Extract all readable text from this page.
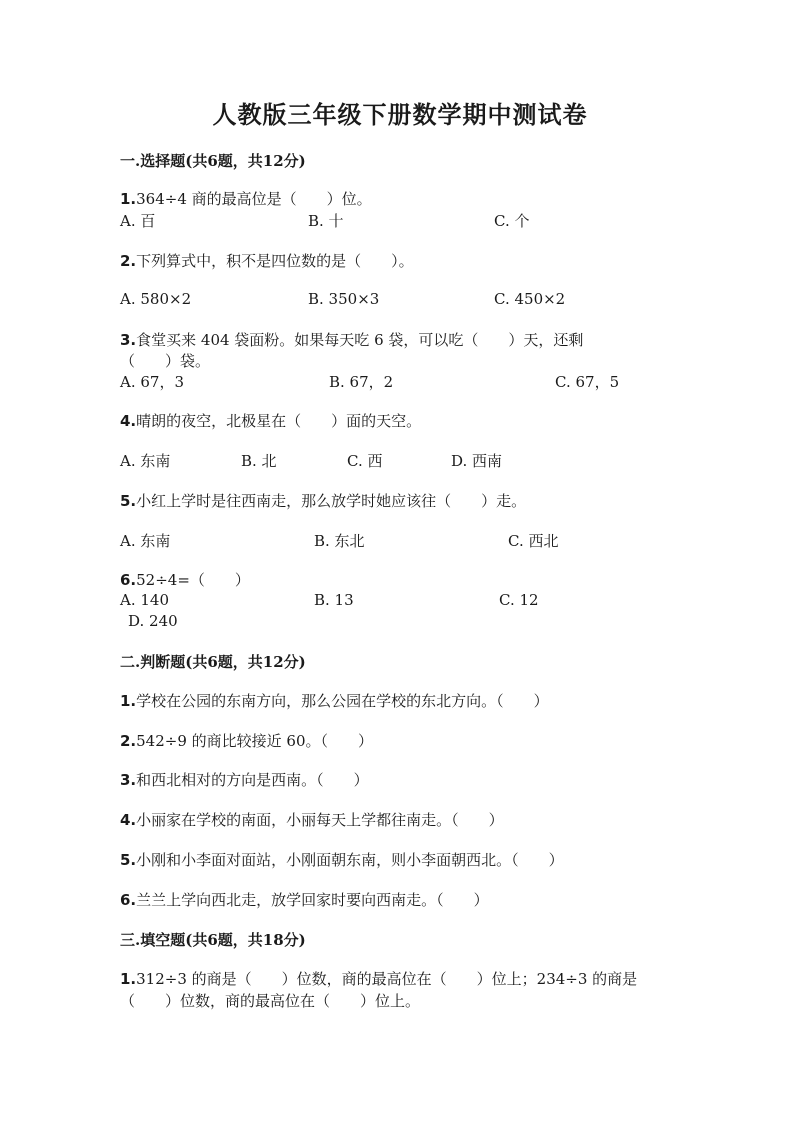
人教版三年级下册数学期中测试卷
一.选择题(共6题，共12分)
1.364÷4 商的最高位是（　　）位。
A. 百	B. 十	C. 个
2.下列算式中，积不是四位数的是（　　）。
A. 580×2	B. 350×3	C. 450×2
3.食堂买来 404 袋面粉。如果每天吃 6 袋，可以吃（　　）天，还剩
（　　）袋。
A. 67，3	B. 67，2	C. 67，5
4.晴朗的夜空，北极星在（　　）面的天空。
A. 东南	B. 北	C. 西	D. 西南
5.小红上学时是往西南走，那么放学时她应该往（　　）走。
A. 东南	B. 东北	C. 西北
6.52÷4=（　　）
A. 140	B. 13	C. 12
D. 240
二.判断题(共6题，共12分)
1.学校在公园的东南方向，那么公园在学校的东北方向。（　　）
2.542÷9 的商比较接近 60。（　　）
3.和西北相对的方向是西南。（　　）
4.小丽家在学校的南面，小丽每天上学都往南走。（　　）
5.小刚和小李面对面站，小刚面朝东南，则小李面朝西北。（　　）
6.兰兰上学向西北走，放学回家时要向西南走。（　　）
三.填空题(共6题，共18分)
1.312÷3 的商是（　　）位数，商的最高位在（　　）位上；234÷3 的商是
（　　）位数，商的最高位在（　　）位上。
